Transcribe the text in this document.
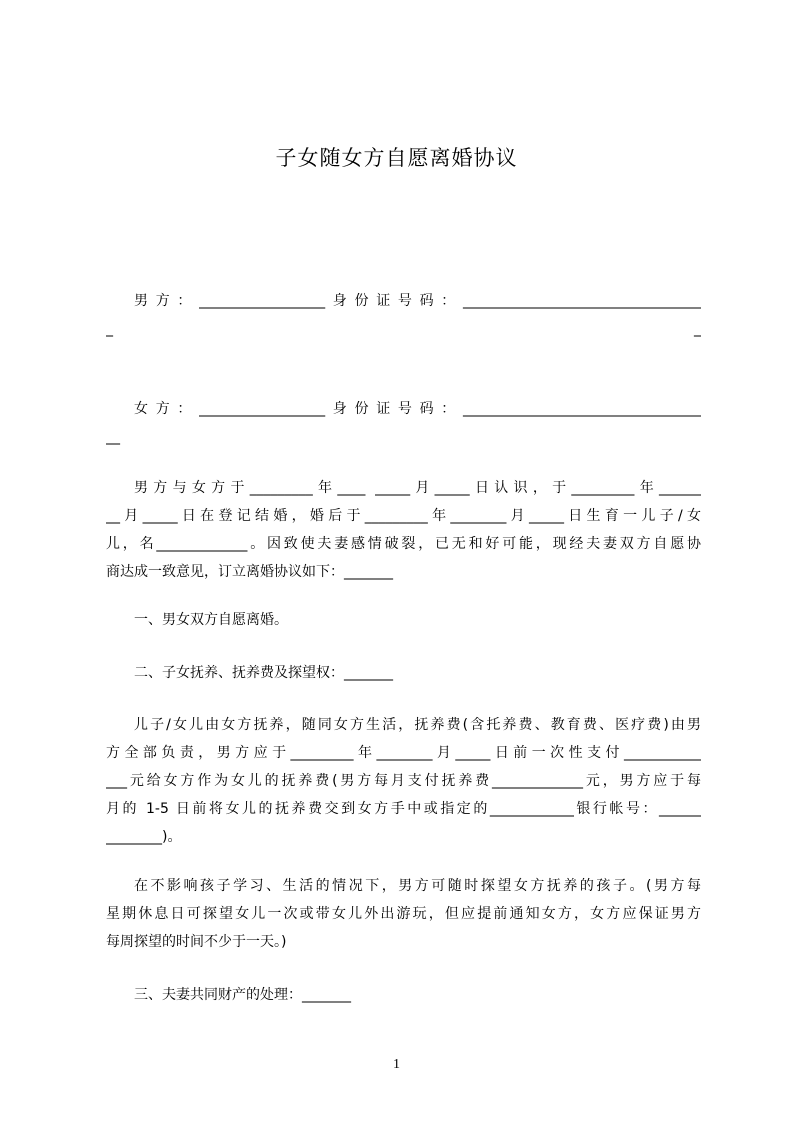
子女随女方自愿离婚协议
男方：__________________身份证号码：__________________________________
_	_
女方：__________________身份证号码：__________________________________
__
男方与女方于_________年____ _____月_____日认识，于_________年______
__月_____日在登记结婚，婚后于_________年________月_____日生育一儿子/女
儿，名_____________。因致使夫妻感情破裂，已无和好可能，现经夫妻双方自愿协
商达成一致意见，订立离婚协议如下：_______
一、男女双方自愿离婚。
二、子女抚养、抚养费及探望权：_______
儿子/女儿由女方抚养，随同女方生活，抚养费(含托养费、教育费、医疗费)由男
方全部负责，男方应于_________年________月_____日前一次性支付___________
___元给女方作为女儿的抚养费(男方每月支付抚养费_____________元，男方应于每
月的 1-5 日前将女儿的抚养费交到女方手中或指定的____________银行帐号：______
________)。
在不影响孩子学习、生活的情况下，男方可随时探望女方抚养的孩子。(男方每
星期休息日可探望女儿一次或带女儿外出游玩，但应提前通知女方，女方应保证男方
每周探望的时间不少于一天。)
三、夫妻共同财产的处理：_______
1
